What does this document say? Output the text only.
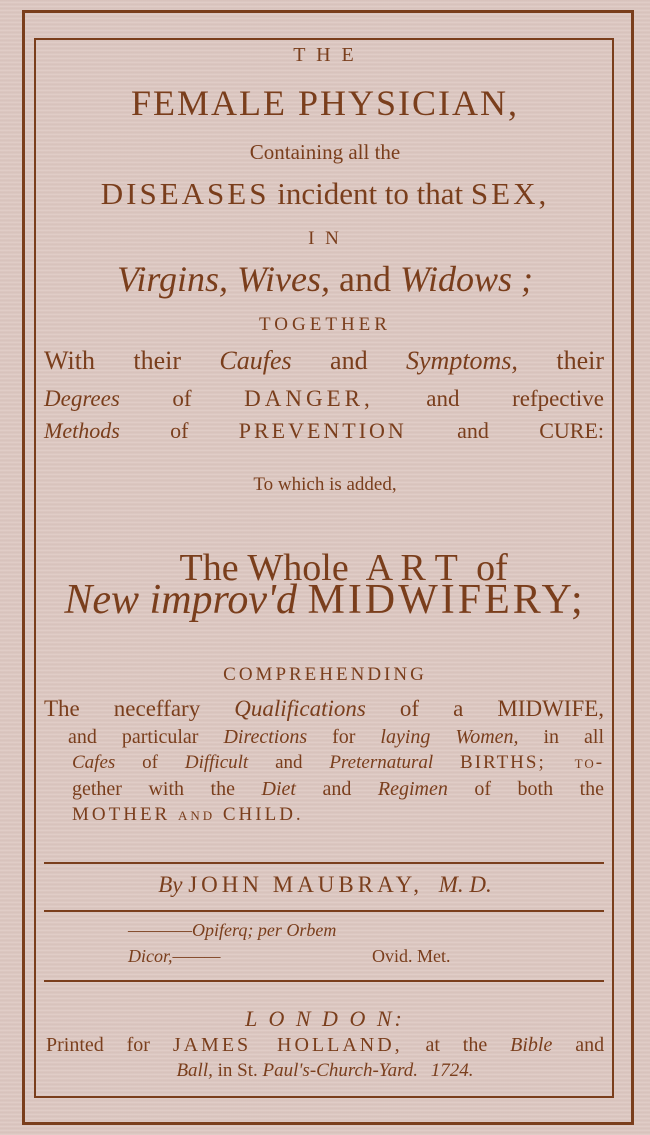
T H E
FEMALE PHYSICIAN,
Containing all the
DISEASES incident to that SEX,
I N
Virgins, Wives, and Widows ;
TOGETHER
With their Caufes and Symptoms, their
Degrees of DANGER, and refpective
Methods of PREVENTION and CURE:
To which is added,

The Whole  A R T  of

New improv'd MIDWIFERY;
COMPREHENDING
The neceffary Qualifications of a MIDWIFE,
and particular Directions for laying Women, in all
Cafes of Difficult and Preternatural BIRTHS; to-
gether with the Diet and Regimen of both the
MOTHER and CHILD.
By JOHN MAUBRAY, M. D.
————Opiferq; per Orbem
Dicor,———	Ovid. Met.
L O N D O N:
Printed for JAMES HOLLAND, at the Bible and
Ball, in St. Paul's-Church-Yard. 1724.
